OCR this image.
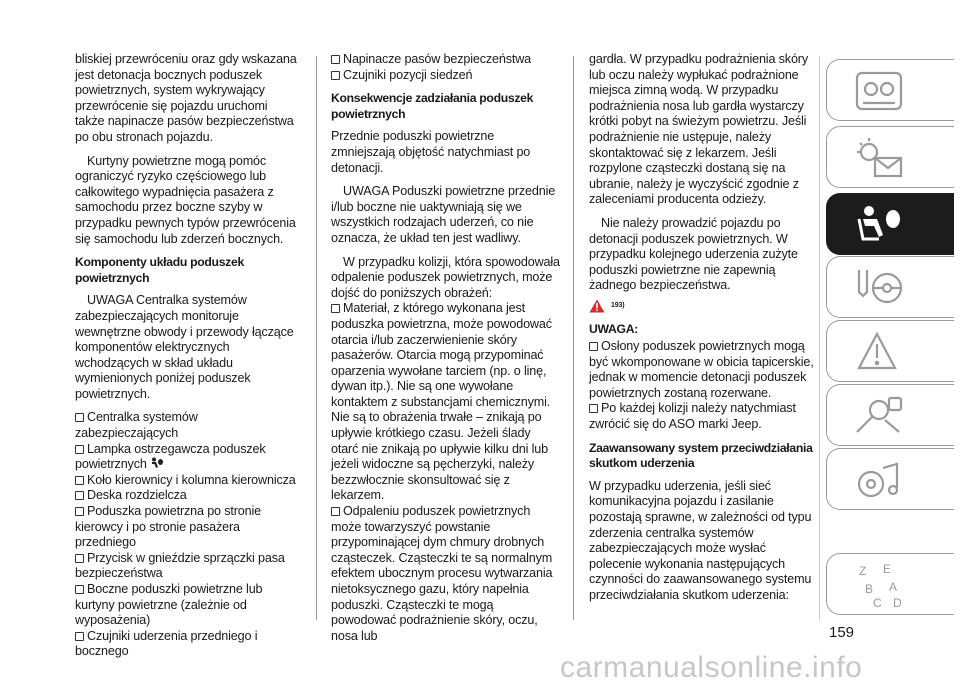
bliskiej przewróceniu oraz gdy wskazana jest detonacja bocznych poduszek powietrznych, system wykrywający przewrócenie się pojazdu uruchomi także napinacze pasów bezpieczeństwa po obu stronach pojazdu.

Kurtyny powietrzne mogą pomóc ograniczyć ryzyko częściowego lub całkowitego wypadnięcia pasażera z samochodu przez boczne szyby w przypadku pewnych typów przewrócenia się samochodu lub zderzeń bocznych.

Komponenty układu poduszek powietrznych

UWAGA Centralka systemów zabezpieczających monitoruje wewnętrzne obwody i przewody łączące komponentów elektrycznych wchodzących w skład układu wymienionych poniżej poduszek powietrznych.

Centralka systemów zabezpieczających

Lampka ostrzegawcza poduszek powietrznych

Koło kierownicy i kolumna kierownicza

Deska rozdzielcza

Poduszka powietrzna po stronie kierowcy i po stronie pasażera przedniego

Przycisk w gnieździe sprzączki pasa bezpieczeństwa

Boczne poduszki powietrzne lub kurtyny powietrzne (zależnie od wyposażenia)

Czujniki uderzenia przedniego i bocznego

Napinacze pasów bezpieczeństwa

Czujniki pozycji siedzeń

Konsekwencje zadziałania poduszek powietrznych

Przednie poduszki powietrzne zmniejszają objętość natychmiast po detonacji.

UWAGA Poduszki powietrzne przednie i/lub boczne nie uaktywniają się we wszystkich rodzajach uderzeń, co nie oznacza, że układ ten jest wadliwy.

W przypadku kolizji, która spowodowała odpalenie poduszek powietrznych, może dojść do poniższych obrażeń:

Materiał, z którego wykonana jest poduszka powietrzna, może powodować otarcia i/lub zaczerwienienie skóry pasażerów. Otarcia mogą przypominać oparzenia wywołane tarciem (np. o linę, dywan itp.). Nie są one wywołane kontaktem z substancjami chemicznymi. Nie są to obrażenia trwałe – znikają po upływie krótkiego czasu. Jeżeli ślady otarć nie znikają po upływie kilku dni lub jeżeli widoczne są pęcherzyki, należy bezzwłocznie skonsultować się z lekarzem.

Odpaleniu poduszek powietrznych może towarzyszyć powstanie przypominającej dym chmury drobnych cząsteczek. Cząsteczki te są normalnym efektem ubocznym procesu wytwarzania nietoksycznego gazu, który napełnia poduszki. Cząsteczki te mogą powodować podrażnienie skóry, oczu, nosa lub

gardła. W przypadku podrażnienia skóry lub oczu należy wypłukać podrażnione miejsca zimną wodą. W przypadku podrażnienia nosa lub gardła wystarczy krótki pobyt na świeżym powietrzu. Jeśli podrażnienie nie ustępuje, należy skontaktować się z lekarzem. Jeśli rozpylone cząsteczki dostaną się na ubranie, należy je wyczyścić zgodnie z zaleceniami producenta odzieży.

Nie należy prowadzić pojazdu po detonacji poduszek powietrznych. W przypadku kolejnego uderzenia zużyte poduszki powietrzne nie zapewnią żadnego bezpieczeństwa.

193)

UWAGA:

Osłony poduszek powietrznych mogą być wkomponowane w obicia tapicerskie, jednak w momencie detonacji poduszek powietrznych zostaną rozerwane.

Po każdej kolizji należy natychmiast zwrócić się do ASO marki Jeep.

Zaawansowany system przeciwdziałania skutkom uderzenia

W przypadku uderzenia, jeśli sieć komunikacyjna pojazdu i zasilanie pozostają sprawne, w zależności od typu zderzenia centralka systemów zabezpieczających może wysłać polecenie wykonania następujących czynności do zaawansowanego systemu przeciwdziałania skutkom uderzenia:

Z E
B A
C D
159
carmanualsonline.info
